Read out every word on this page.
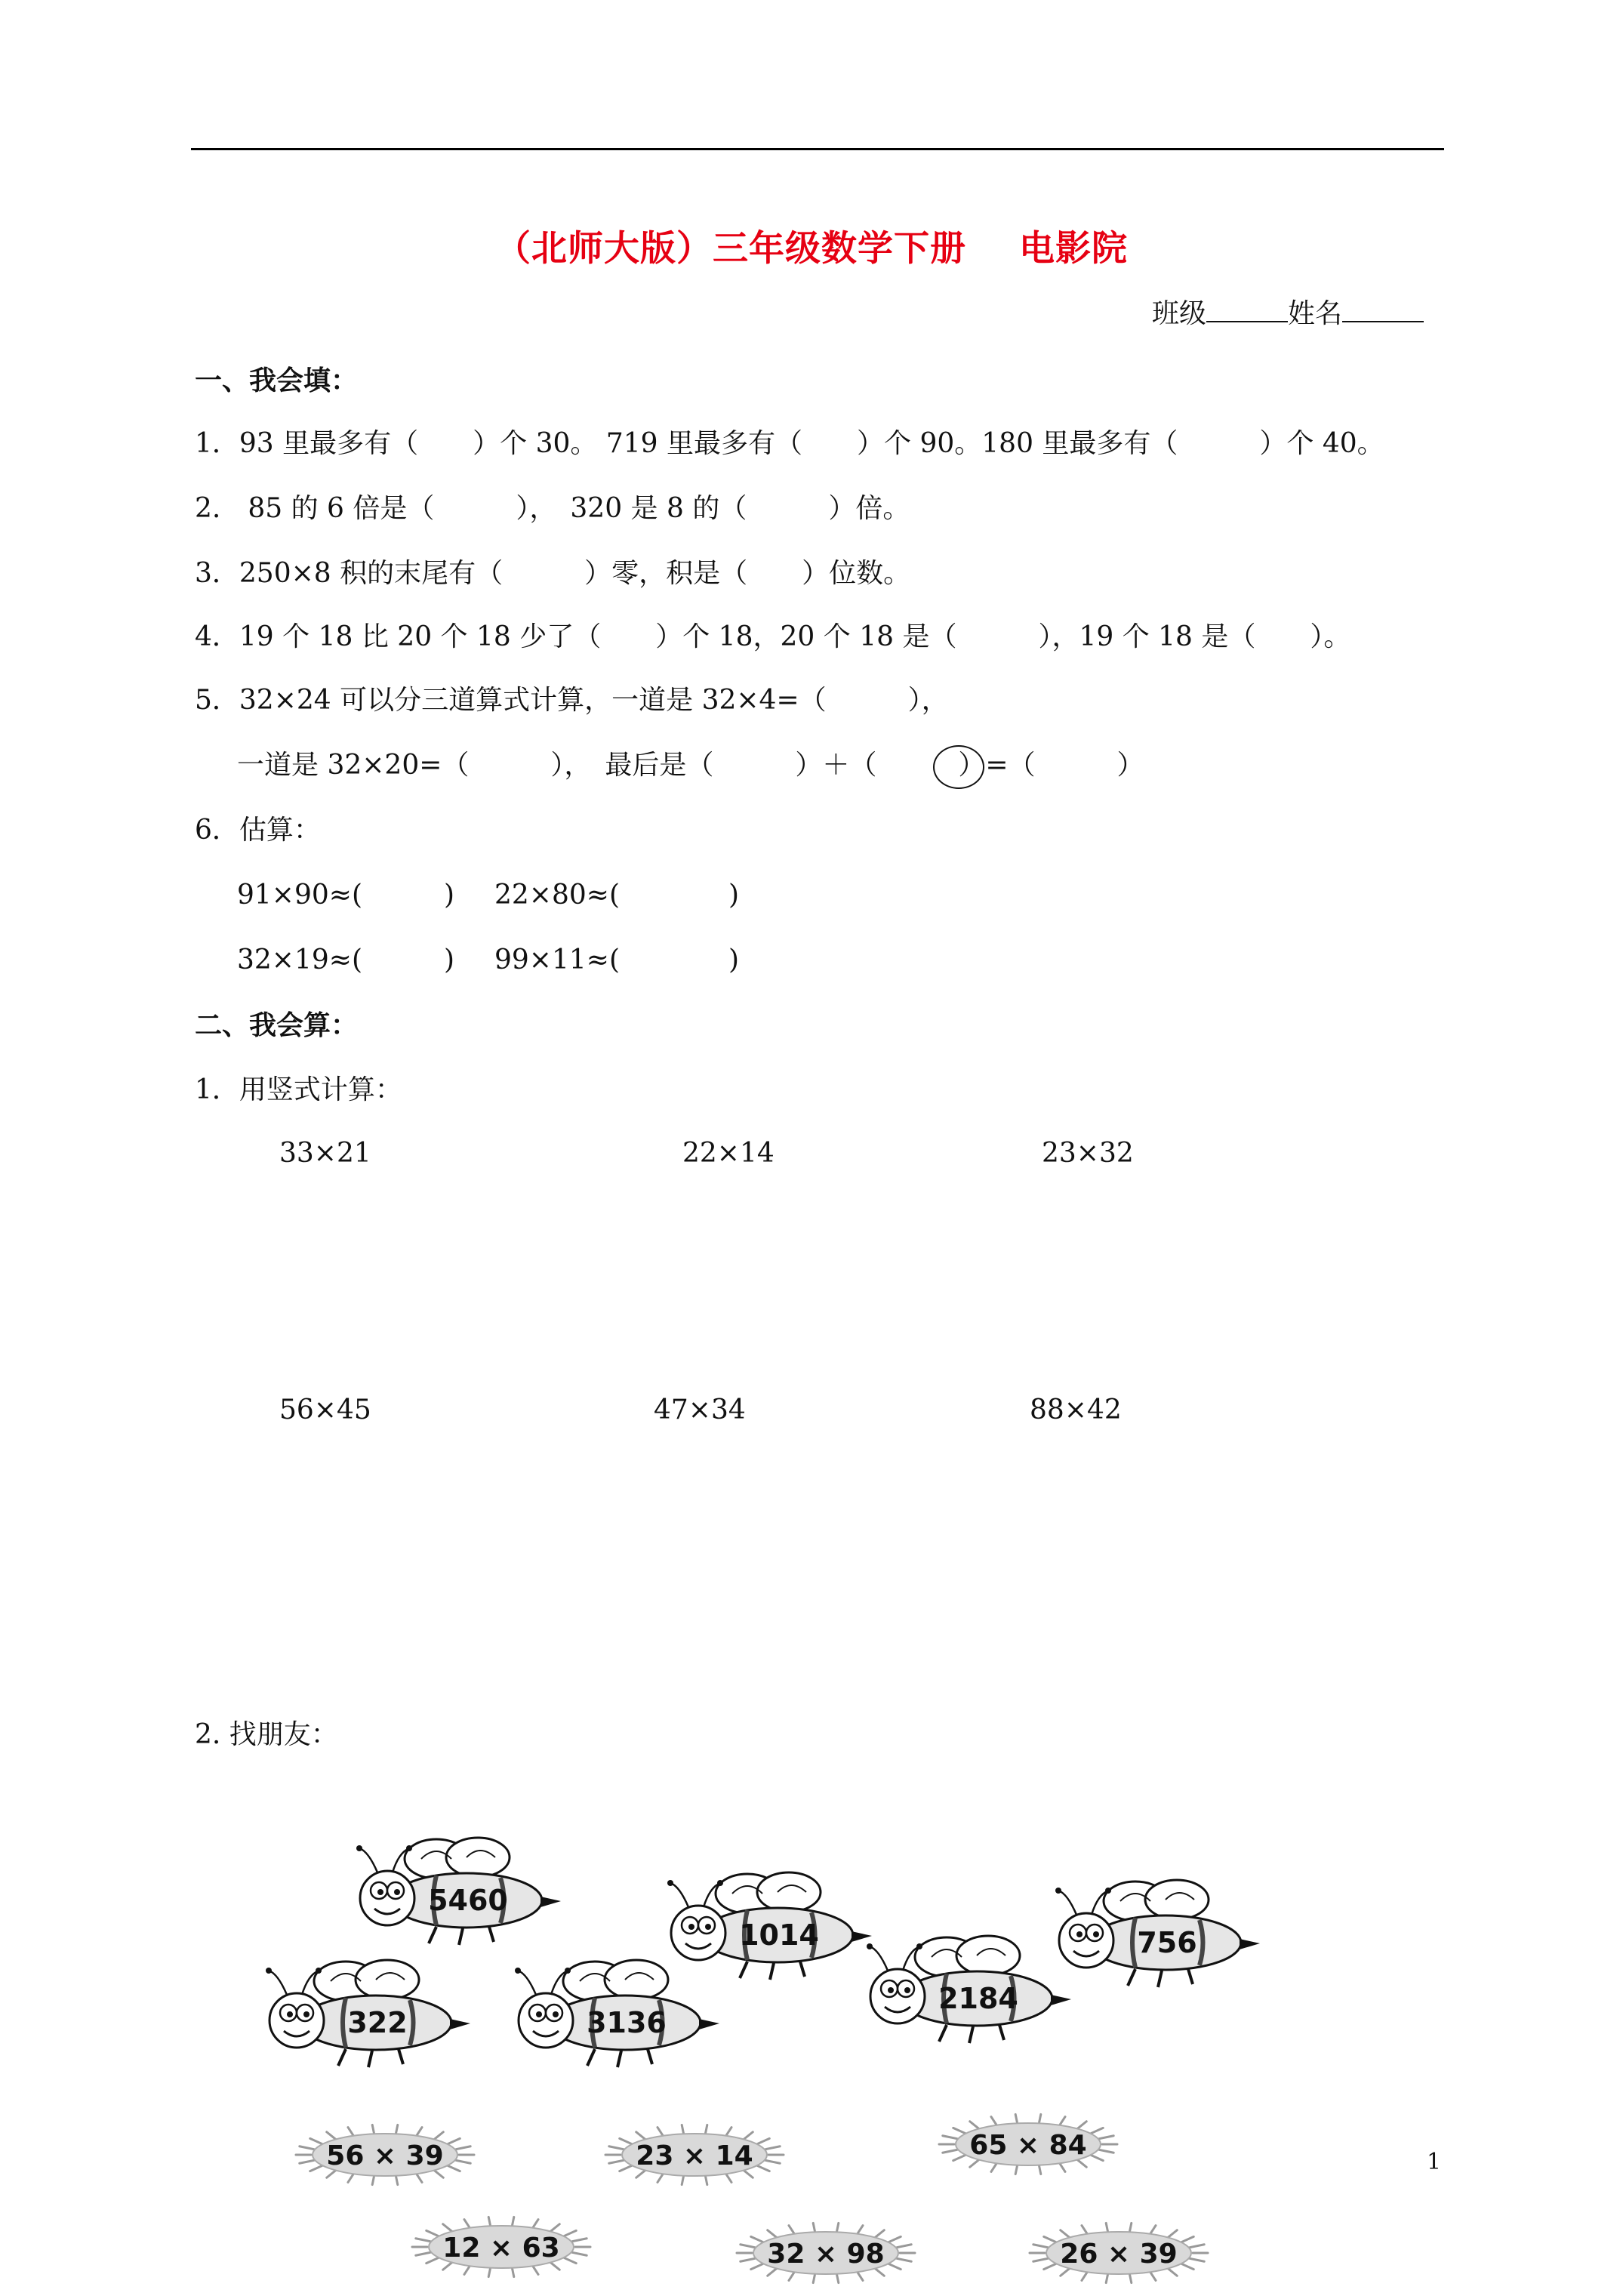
（北师大版）三年级数学下册 电影院
班级	姓名
一、我会填：
1．93 里最多有（　　）个 30。 719 里最多有（　　）个 90。180 里最多有（　　　）个 40。
2.　85 的 6 倍是（　　　），　320 是 8 的（　　　）倍。
3．250×8 积的末尾有（　　　）零，积是（　　）位数。
4．19 个 18 比 20 个 18 少了（　　）个 18，20 个 18 是（　　　），19 个 18 是（　　）。
5．32×24 可以分三道算式计算，一道是 32×4=（　　　），
一道是 32×20=（　　　），　最后是（　　　）＋（　　　）=（　　　）
6．估算：
91×90≈(　　　) 22×80≈(　　　　)
32×19≈(　　　) 99×11≈(　　　　)
二、我会算：
1．用竖式计算：
33×21	22×14	23×32
56×45	47×34	88×42
2. 找朋友：
5460
1014	756
322	3136
2184
56 × 39	23 × 14	65 × 84
12 × 63	32 × 98	26 × 39
1
